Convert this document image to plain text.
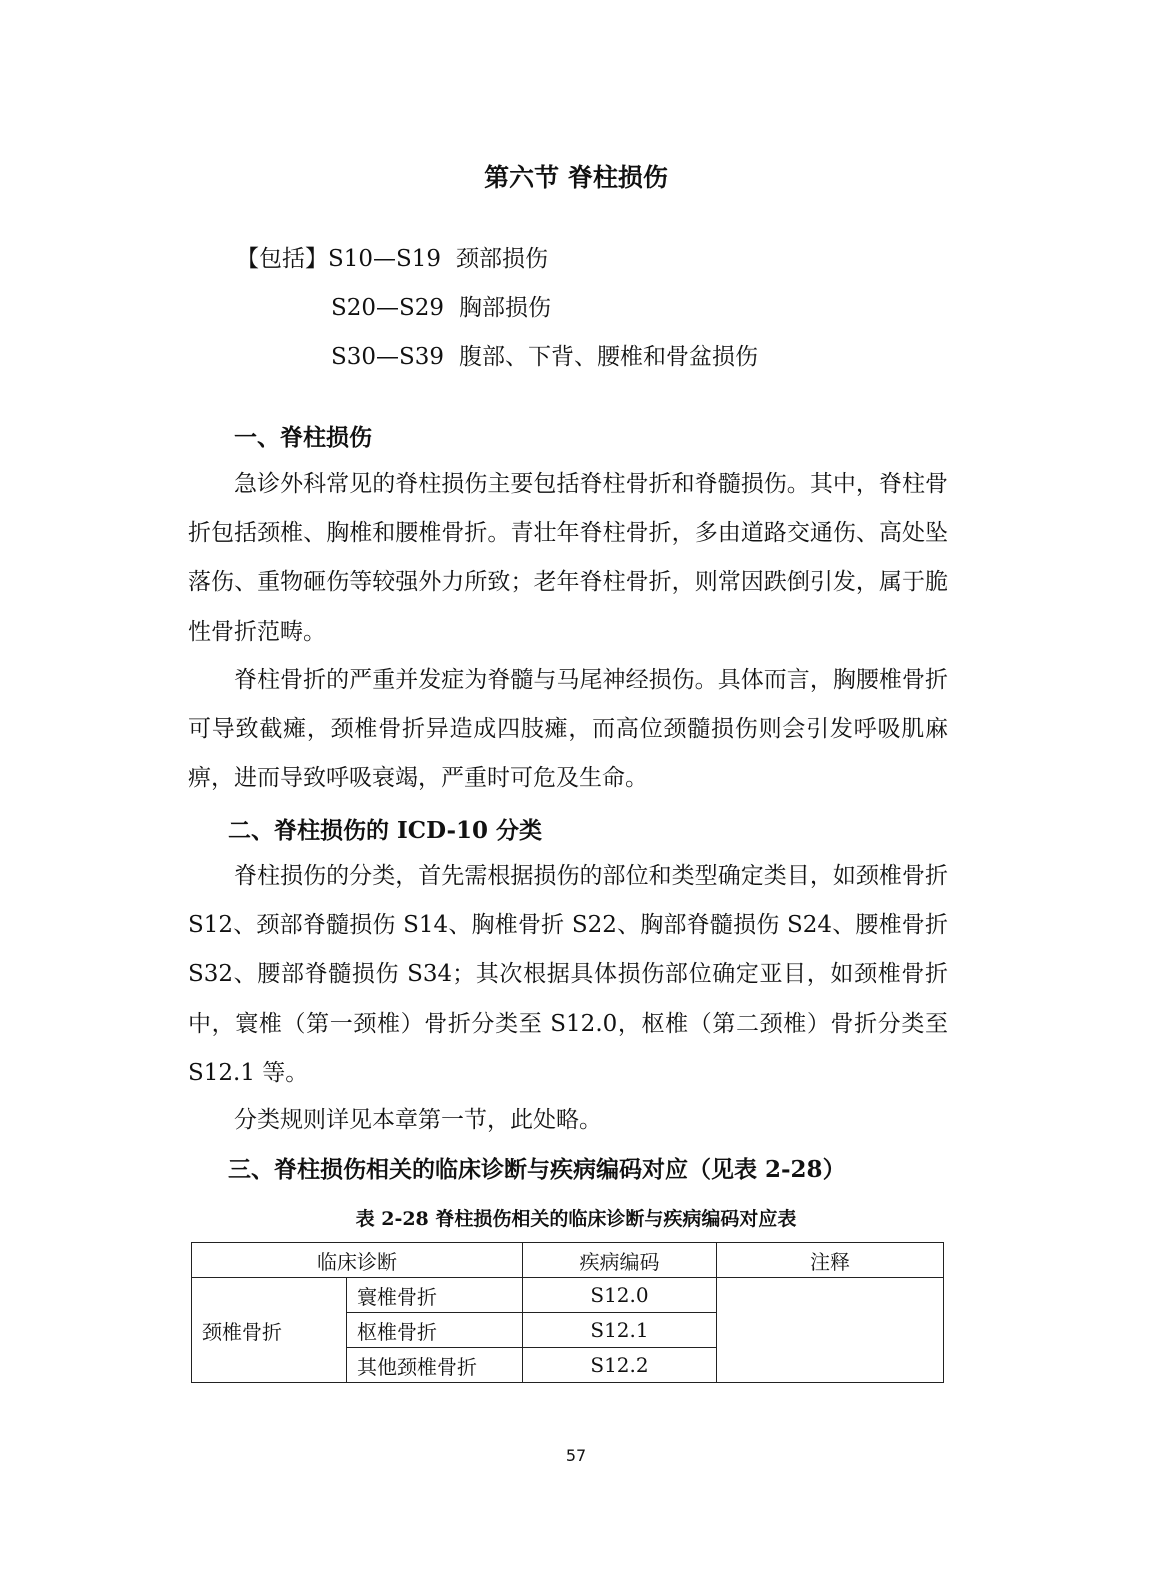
第六节 脊柱损伤
【包括】S10—S19 颈部损伤
S20—S29 胸部损伤
S30—S39 腹部、下背、腰椎和骨盆损伤
一、脊柱损伤
急诊外科常见的脊柱损伤主要包括脊柱骨折和脊髓损伤。其中，脊柱骨折包括颈椎、胸椎和腰椎骨折。青壮年脊柱骨折，多由道路交通伤、高处坠落伤、重物砸伤等较强外力所致；老年脊柱骨折，则常因跌倒引发，属于脆性骨折范畴。
脊柱骨折的严重并发症为脊髓与马尾神经损伤。具体而言，胸腰椎骨折可导致截瘫，颈椎骨折异造成四肢瘫，而高位颈髓损伤则会引发呼吸肌麻痹，进而导致呼吸衰竭，严重时可危及生命。
二、脊柱损伤的 ICD-10 分类
脊柱损伤的分类，首先需根据损伤的部位和类型确定类目，如颈椎骨折 S12、颈部脊髓损伤 S14、胸椎骨折 S22、胸部脊髓损伤 S24、腰椎骨折 S32、腰部脊髓损伤 S34；其次根据具体损伤部位确定亚目，如颈椎骨折中，寰椎（第一颈椎）骨折分类至 S12.0，枢椎（第二颈椎）骨折分类至 S12.1 等。
分类规则详见本章第一节，此处略。
三、脊柱损伤相关的临床诊断与疾病编码对应（见表 2-28）
表 2-28 脊柱损伤相关的临床诊断与疾病编码对应表
临床诊断		疾病编码	注释
颈椎骨折	寰椎骨折	S12.0	
	枢椎骨折	S12.1	
	其他颈椎骨折	S12.2	
57
